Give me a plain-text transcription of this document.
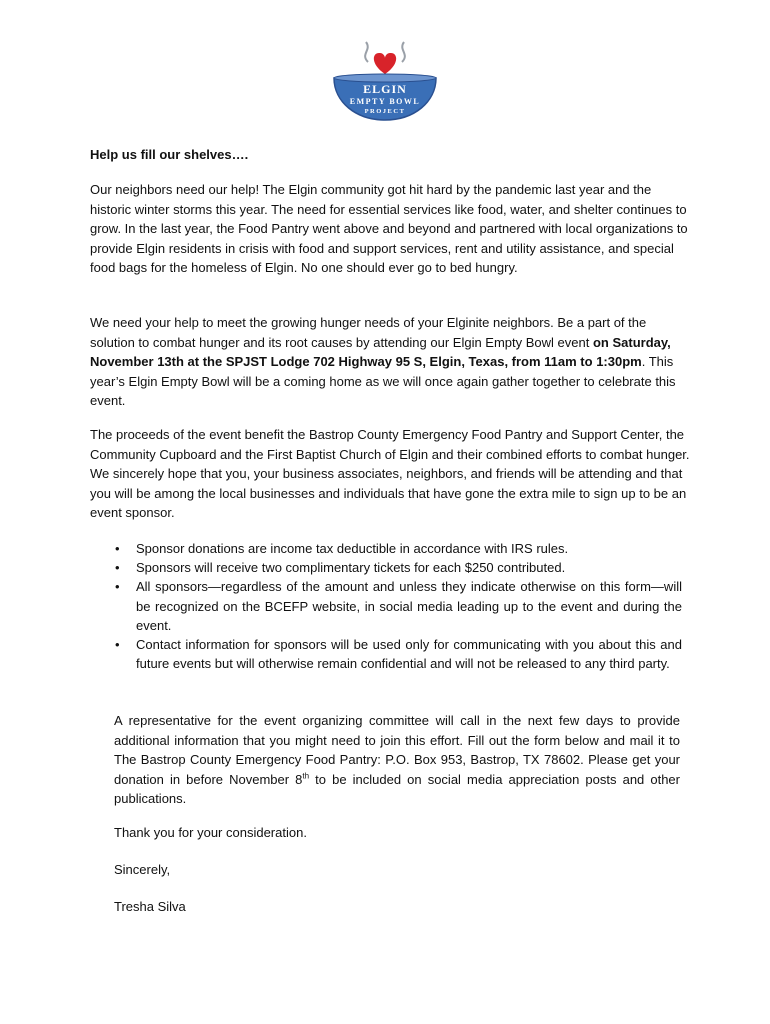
ELGIN
EMPTY BOWL
PROJECT

Help us fill our shelves….

Our neighbors need our help! The Elgin community got hit hard by the pandemic last year and the historic winter storms this year. The need for essential services like food, water, and shelter continues to grow. In the last year, the Food Pantry went above and beyond and partnered with local organizations to provide Elgin residents in crisis with food and support services, rent and utility assistance, and special food bags for the homeless of Elgin. No one should ever go to bed hungry.

We need your help to meet the growing hunger needs of your Elginite neighbors. Be a part of the solution to combat hunger and its root causes by attending our Elgin Empty Bowl event on Saturday, November 13th at the SPJST Lodge 702 Highway 95 S, Elgin, Texas, from 11am to 1:30pm. This year’s Elgin Empty Bowl will be a coming home as we will once again gather together to celebrate this event.

The proceeds of the event benefit the Bastrop County Emergency Food Pantry and Support Center, the Community Cupboard and the First Baptist Church of Elgin and their combined efforts to combat hunger. We sincerely hope that you, your business associates, neighbors, and friends will be attending and that you will be among the local businesses and individuals that have gone the extra mile to sign up to be an event sponsor.

• Sponsor donations are income tax deductible in accordance with IRS rules.
• Sponsors will receive two complimentary tickets for each $250 contributed.
• All sponsors—regardless of the amount and unless they indicate otherwise on this form—will be recognized on the BCEFP website, in social media leading up to the event and during the event.
• Contact information for sponsors will be used only for communicating with you about this and future events but will otherwise remain confidential and will not be released to any third party.

A representative for the event organizing committee will call in the next few days to provide additional information that you might need to join this effort. Fill out the form below and mail it to The Bastrop County Emergency Food Pantry: P.O. Box 953, Bastrop, TX 78602. Please get your donation in before November 8th to be included on social media appreciation posts and other publications.

Thank you for your consideration.

Sincerely,

Tresha Silva
